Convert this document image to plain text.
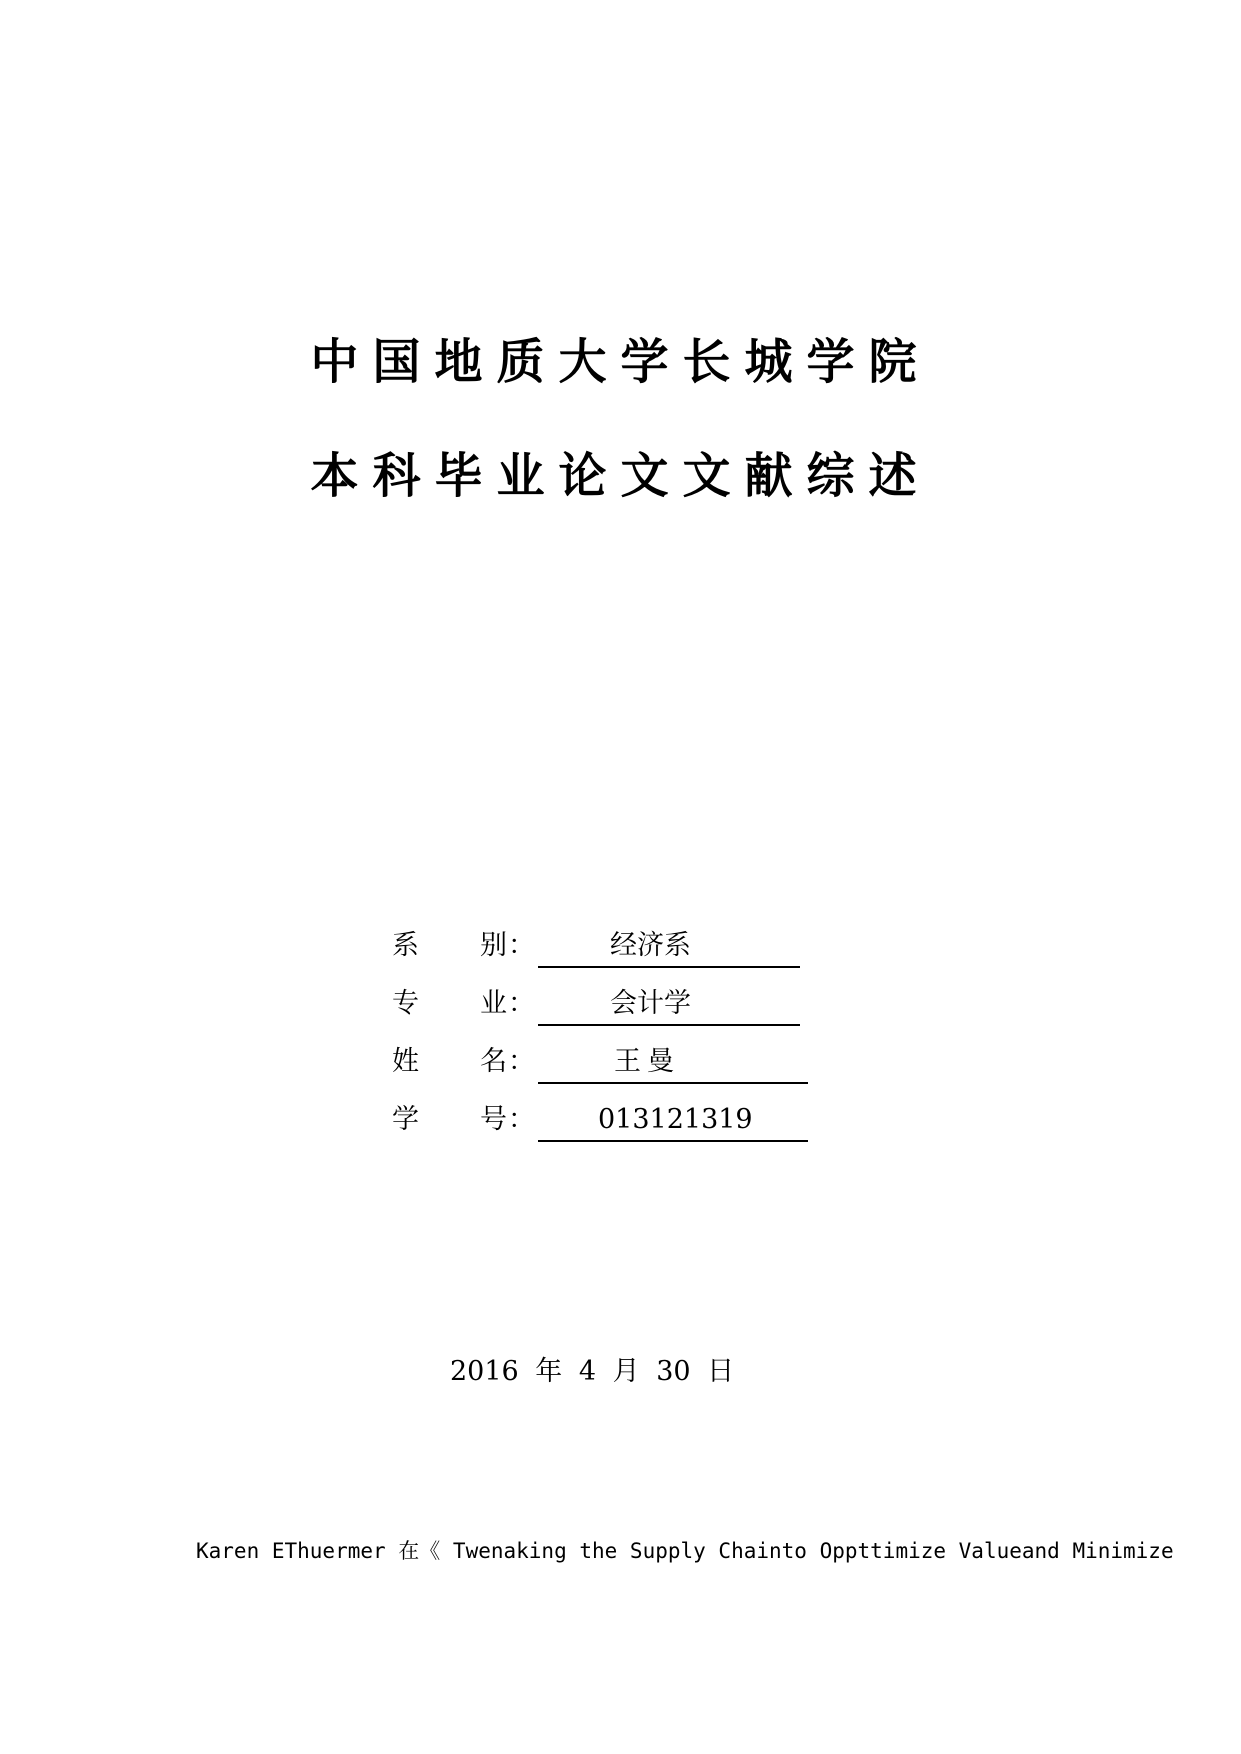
中国地质大学长城学院
本科毕业论文文献综述
系 别 ：	经济系
专 业 ：	会计学
姓 名 ：	王曼
学 号 ： 013121319
2016 年 4 月 30 日
Karen EThuermer 在《 Twenaking the Supply Chainto Oppttimize Valueand Minimize
